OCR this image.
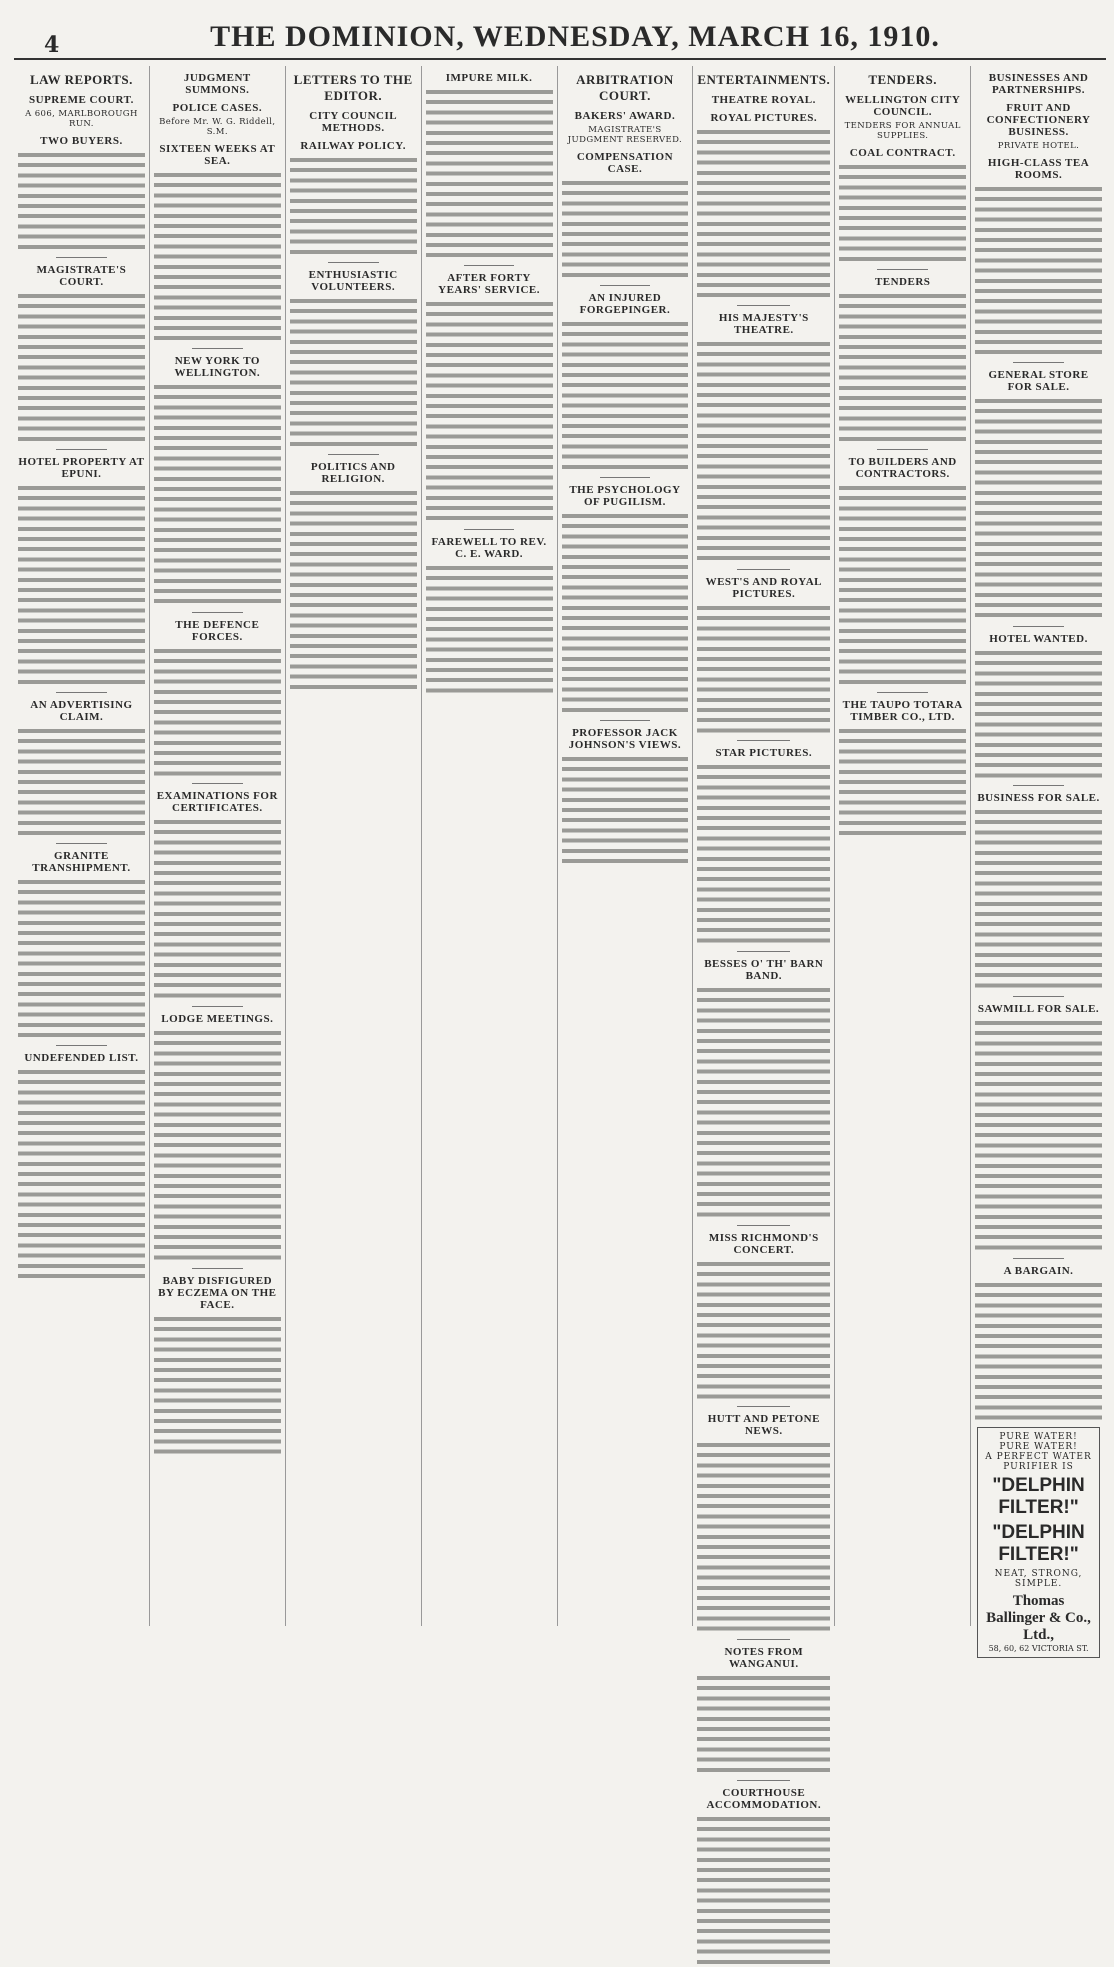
4	THE DOMINION, WEDNESDAY, MARCH 16, 1910.
LAW REPORTS.
SUPREME COURT.
A 606, MARLBOROUGH RUN.
TWO BUYERS.
MAGISTRATE'S COURT.
HOTEL PROPERTY AT EPUNI.
AN ADVERTISING CLAIM.
GRANITE TRANSHIPMENT.
UNDEFENDED LIST.
JUDGMENT SUMMONS.
POLICE CASES.
Before Mr. W. G. Riddell, S.M.
SIXTEEN WEEKS AT SEA.
NEW YORK TO WELLINGTON.
THE DEFENCE FORCES.
EXAMINATIONS FOR CERTIFICATES.
LODGE MEETINGS.
BABY DISFIGURED BY ECZEMA ON THE FACE.
LETTERS TO THE EDITOR.
CITY COUNCIL METHODS.
RAILWAY POLICY.
ENTHUSIASTIC VOLUNTEERS.
POLITICS AND RELIGION.
IMPURE MILK.
AFTER FORTY YEARS' SERVICE.
FAREWELL TO REV. C. E. WARD.
ARBITRATION COURT.
BAKERS' AWARD.
MAGISTRATE'S JUDGMENT RESERVED.
COMPENSATION CASE.
AN INJURED FORGEPINGER.
THE PSYCHOLOGY OF PUGILISM.
PROFESSOR JACK JOHNSON'S VIEWS.
ENTERTAINMENTS.
THEATRE ROYAL.
ROYAL PICTURES.
HIS MAJESTY'S THEATRE.
WEST'S AND ROYAL PICTURES.
STAR PICTURES.
BESSES O' TH' BARN BAND.
MISS RICHMOND'S CONCERT.
HUTT AND PETONE NEWS.
NOTES FROM WANGANUI.
COURTHOUSE ACCOMMODATION.
TENDERS.
WELLINGTON CITY COUNCIL.
TENDERS FOR ANNUAL SUPPLIES.
COAL CONTRACT.
TENDERS
TO BUILDERS AND CONTRACTORS.
THE TAUPO TOTARA TIMBER CO., LTD.
BUSINESSES AND PARTNERSHIPS.
FRUIT AND CONFECTIONERY BUSINESS.
PRIVATE HOTEL.
HIGH-CLASS TEA ROOMS.
GENERAL STORE FOR SALE.
HOTEL WANTED.
BUSINESS FOR SALE.
SAWMILL FOR SALE.
A BARGAIN.
PURE WATER!
PURE WATER!
A PERFECT WATER PURIFIER IS
"DELPHIN FILTER!"
"DELPHIN FILTER!"
NEAT, STRONG, SIMPLE.
Thomas Ballinger & Co., Ltd.,
58, 60, 62 VICTORIA ST.
